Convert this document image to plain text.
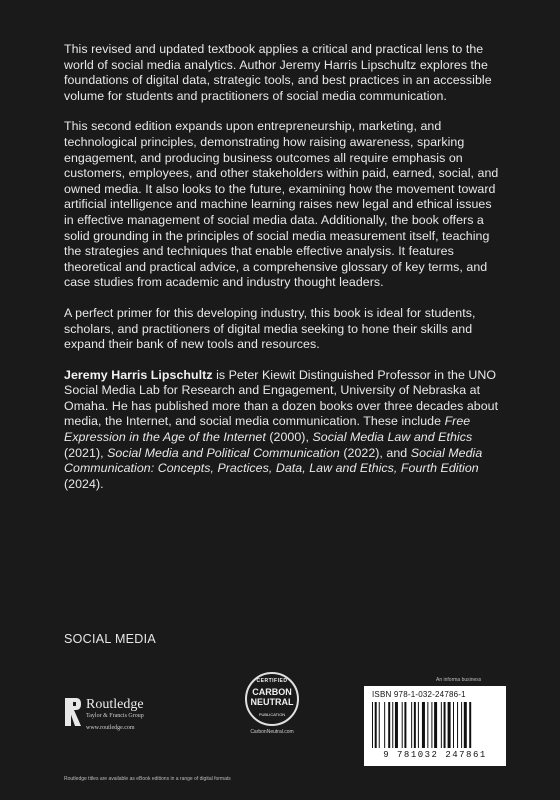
This revised and updated textbook applies a critical and practical lens to the world of social media analytics. Author Jeremy Harris Lipschultz explores the foundations of digital data, strategic tools, and best practices in an accessible volume for students and practitioners of social media communication.

This second edition expands upon entrepreneurship, marketing, and technological principles, demonstrating how raising awareness, sparking engagement, and producing business outcomes all require emphasis on customers, employees, and other stakeholders within paid, earned, social, and owned media. It also looks to the future, examining how the movement toward artificial intelligence and machine learning raises new legal and ethical issues in effective management of social media data. Additionally, the book offers a solid grounding in the principles of social media measurement itself, teaching the strategies and techniques that enable effective analysis. It features theoretical and practical advice, a comprehensive glossary of key terms, and case studies from academic and industry thought leaders.

A perfect primer for this developing industry, this book is ideal for students, scholars, and practitioners of digital media seeking to hone their skills and expand their bank of new tools and resources.

Jeremy Harris Lipschultz is Peter Kiewit Distinguished Professor in the UNO Social Media Lab for Research and Engagement, University of Nebraska at Omaha. He has published more than a dozen books over three decades about media, the Internet, and social media communication. These include Free Expression in the Age of the Internet (2000), Social Media Law and Ethics (2021), Social Media and Political Communication (2022), and Social Media Communication: Concepts, Practices, Data, Law and Ethics, Fourth Edition (2024).

SOCIAL MEDIA
Routledge
Taylor & Francis Group
www.routledge.com
CERTIFIED
CARBON
NEUTRAL
PUBLICATION
CarbonNeutral.com
An informa business
ISBN 978-1-032-24786-1
9 781032 247861
Routledge titles are available as eBook editions in a range of digital formats
